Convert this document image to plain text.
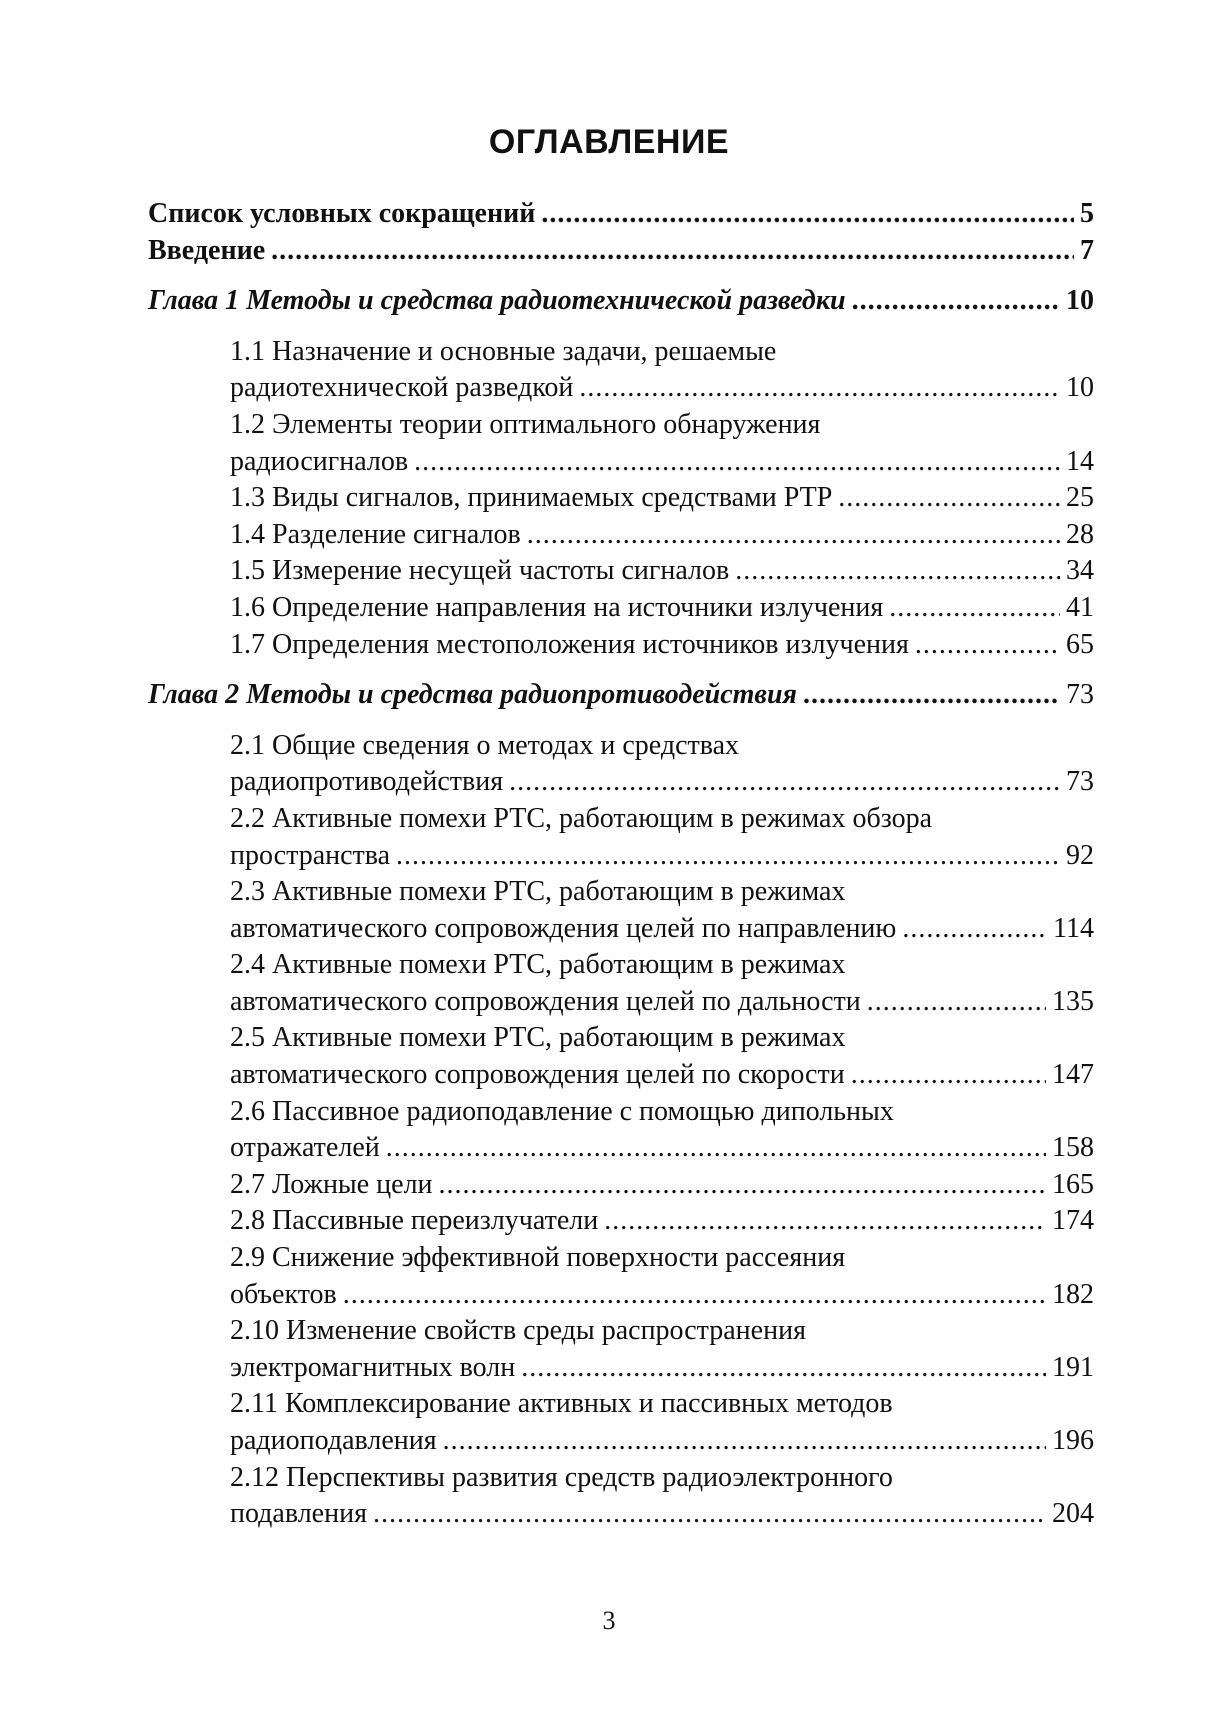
ОГЛАВЛЕНИЕ
Список условных сокращений .....	5
Введение .....	7
Глава 1 Методы и средства радиотехнической разведки .....	10
1.1 Назначение и основные задачи, решаемые
радиотехнической разведкой .....	10
1.2 Элементы теории оптимального обнаружения
радиосигналов .....	14
1.3 Виды сигналов, принимаемых средствами РТР .....	25
1.4 Разделение сигналов .....	28
1.5 Измерение несущей частоты сигналов .....	34
1.6 Определение направления на источники излучения .....	41
1.7 Определения местоположения источников излучения .....	65
Глава 2 Методы и средства радиопротиводействия .....	73
2.1 Общие сведения о методах и средствах
радиопротиводействия .....	73
2.2 Активные помехи РТС, работающим в режимах обзора
пространства .....	92
2.3 Активные помехи РТС, работающим в режимах
автоматического сопровождения целей по направлению .....	114
2.4 Активные помехи РТС, работающим в режимах
автоматического сопровождения целей по дальности .....	135
2.5 Активные помехи РТС, работающим в режимах
автоматического сопровождения целей по скорости .....	147
2.6 Пассивное радиоподавление с помощью дипольных
отражателей .....	158
2.7 Ложные цели .....	165
2.8 Пассивные переизлучатели .....	174
2.9 Снижение эффективной поверхности рассеяния
объектов .....	182
2.10 Изменение свойств среды распространения
электромагнитных волн .....	191
2.11 Комплексирование активных и пассивных методов
радиоподавления .....	196
2.12 Перспективы развития средств радиоэлектронного
подавления .....	204
3
